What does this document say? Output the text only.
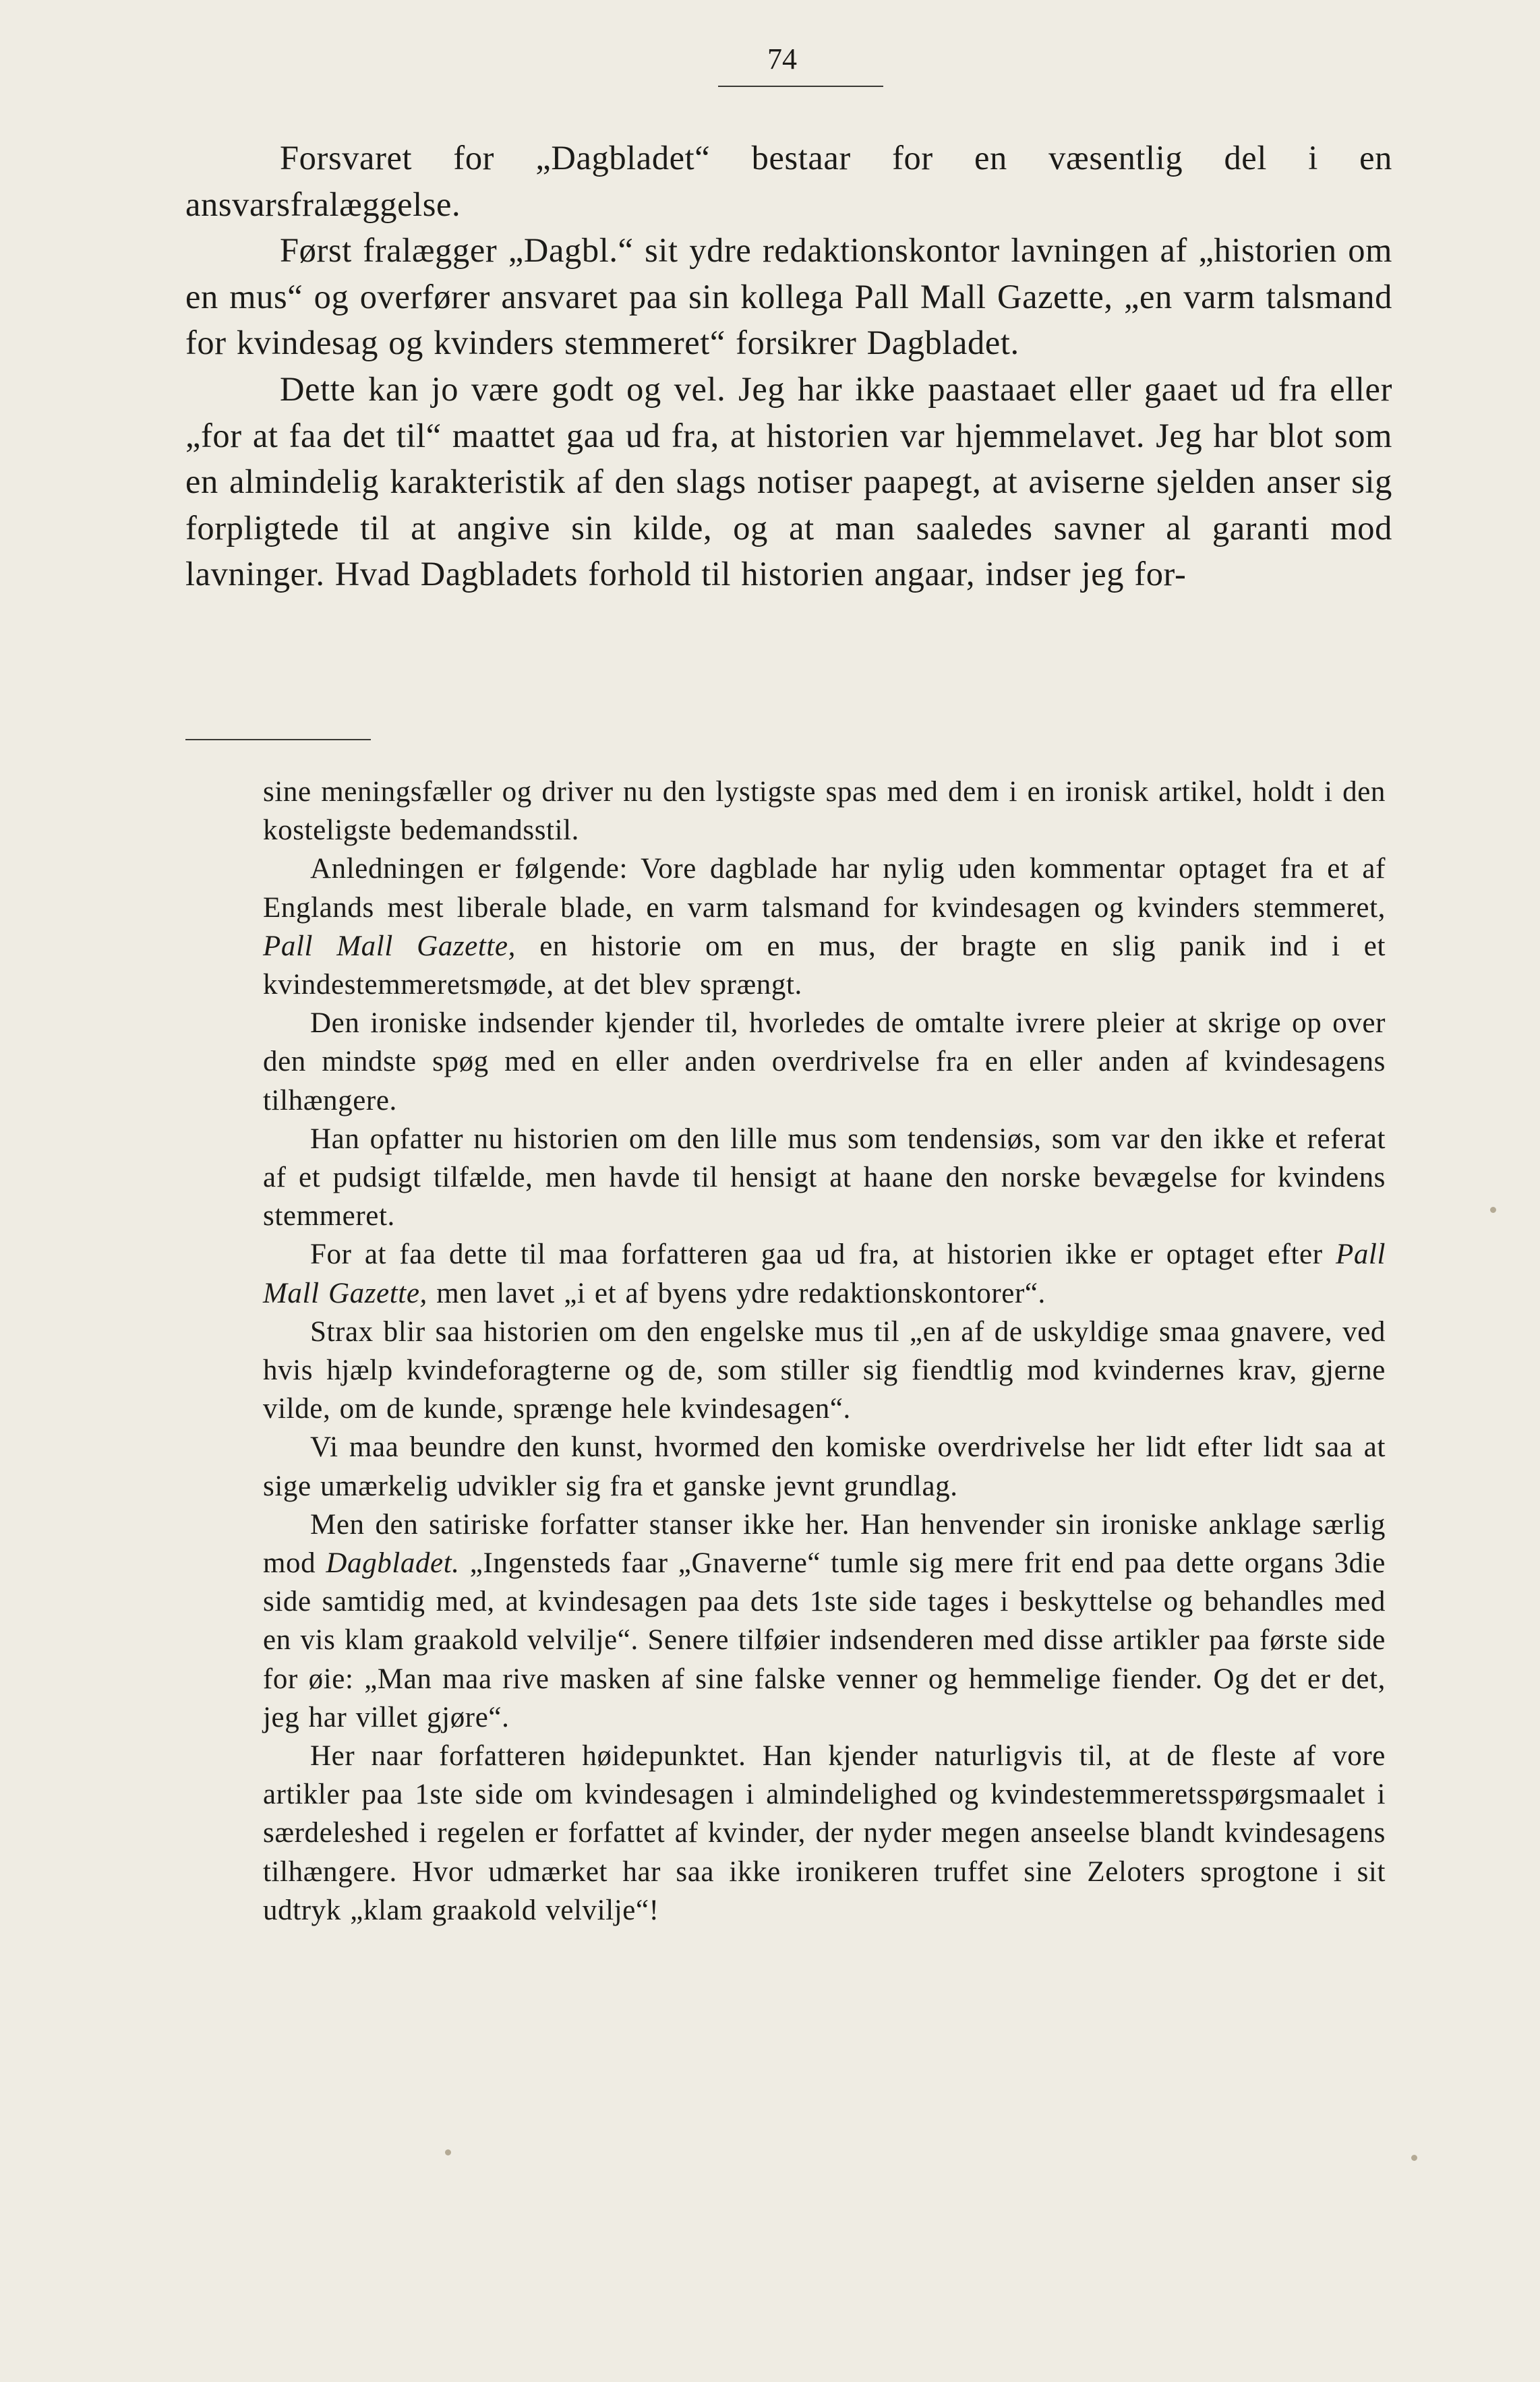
74

Forsvaret for „Dagbladet“ bestaar for en væsentlig del i en ansvarsfralæggelse.

Først fralægger „Dagbl.“ sit ydre redaktionskontor lavningen af „historien om en mus“ og overfører ansvaret paa sin kollega Pall Mall Gazette, „en varm talsmand for kvindesag og kvinders stemmeret“ forsikrer Dagbladet.

Dette kan jo være godt og vel. Jeg har ikke paastaaet eller gaaet ud fra eller „for at faa det til“ maattet gaa ud fra, at historien var hjemmelavet. Jeg har blot som en almindelig karakteristik af den slags notiser paapegt, at aviserne sjelden anser sig forpligtede til at angive sin kilde, og at man saaledes savner al garanti mod lavninger. Hvad Dagbladets forhold til historien angaar, indser jeg for-

sine meningsfæller og driver nu den lystigste spas med dem i en ironisk artikel, holdt i den kosteligste bedemandsstil.

Anledningen er følgende: Vore dagblade har nylig uden kommentar optaget fra et af Englands mest liberale blade, en varm talsmand for kvindesagen og kvinders stemmeret, Pall Mall Gazette, en historie om en mus, der bragte en slig panik ind i et kvindestemmeretsmøde, at det blev sprængt.

Den ironiske indsender kjender til, hvorledes de omtalte ivrere pleier at skrige op over den mindste spøg med en eller anden overdrivelse fra en eller anden af kvindesagens tilhængere.

Han opfatter nu historien om den lille mus som tendensiøs, som var den ikke et referat af et pudsigt tilfælde, men havde til hensigt at haane den norske bevægelse for kvindens stemmeret.

For at faa dette til maa forfatteren gaa ud fra, at historien ikke er optaget efter Pall Mall Gazette, men lavet „i et af byens ydre redaktionskontorer“.

Strax blir saa historien om den engelske mus til „en af de uskyldige smaa gnavere, ved hvis hjælp kvindeforagterne og de, som stiller sig fiendtlig mod kvindernes krav, gjerne vilde, om de kunde, sprænge hele kvindesagen“.

Vi maa beundre den kunst, hvormed den komiske overdrivelse her lidt efter lidt saa at sige umærkelig udvikler sig fra et ganske jevnt grundlag.

Men den satiriske forfatter stanser ikke her. Han henvender sin ironiske anklage særlig mod Dagbladet. „Ingensteds faar „Gnaverne“ tumle sig mere frit end paa dette organs 3die side samtidig med, at kvindesagen paa dets 1ste side tages i beskyttelse og behandles med en vis klam graakold velvilje“. Senere tilføier indsenderen med disse artikler paa første side for øie: „Man maa rive masken af sine falske venner og hemmelige fiender. Og det er det, jeg har villet gjøre“.

Her naar forfatteren høidepunktet. Han kjender naturligvis til, at de fleste af vore artikler paa 1ste side om kvindesagen i almindelighed og kvindestemmeretsspørgsmaalet i særdeleshed i regelen er forfattet af kvinder, der nyder megen anseelse blandt kvindesagens tilhængere. Hvor udmærket har saa ikke ironikeren truffet sine Zeloters sprogtone i sit udtryk „klam graakold velvilje“!
